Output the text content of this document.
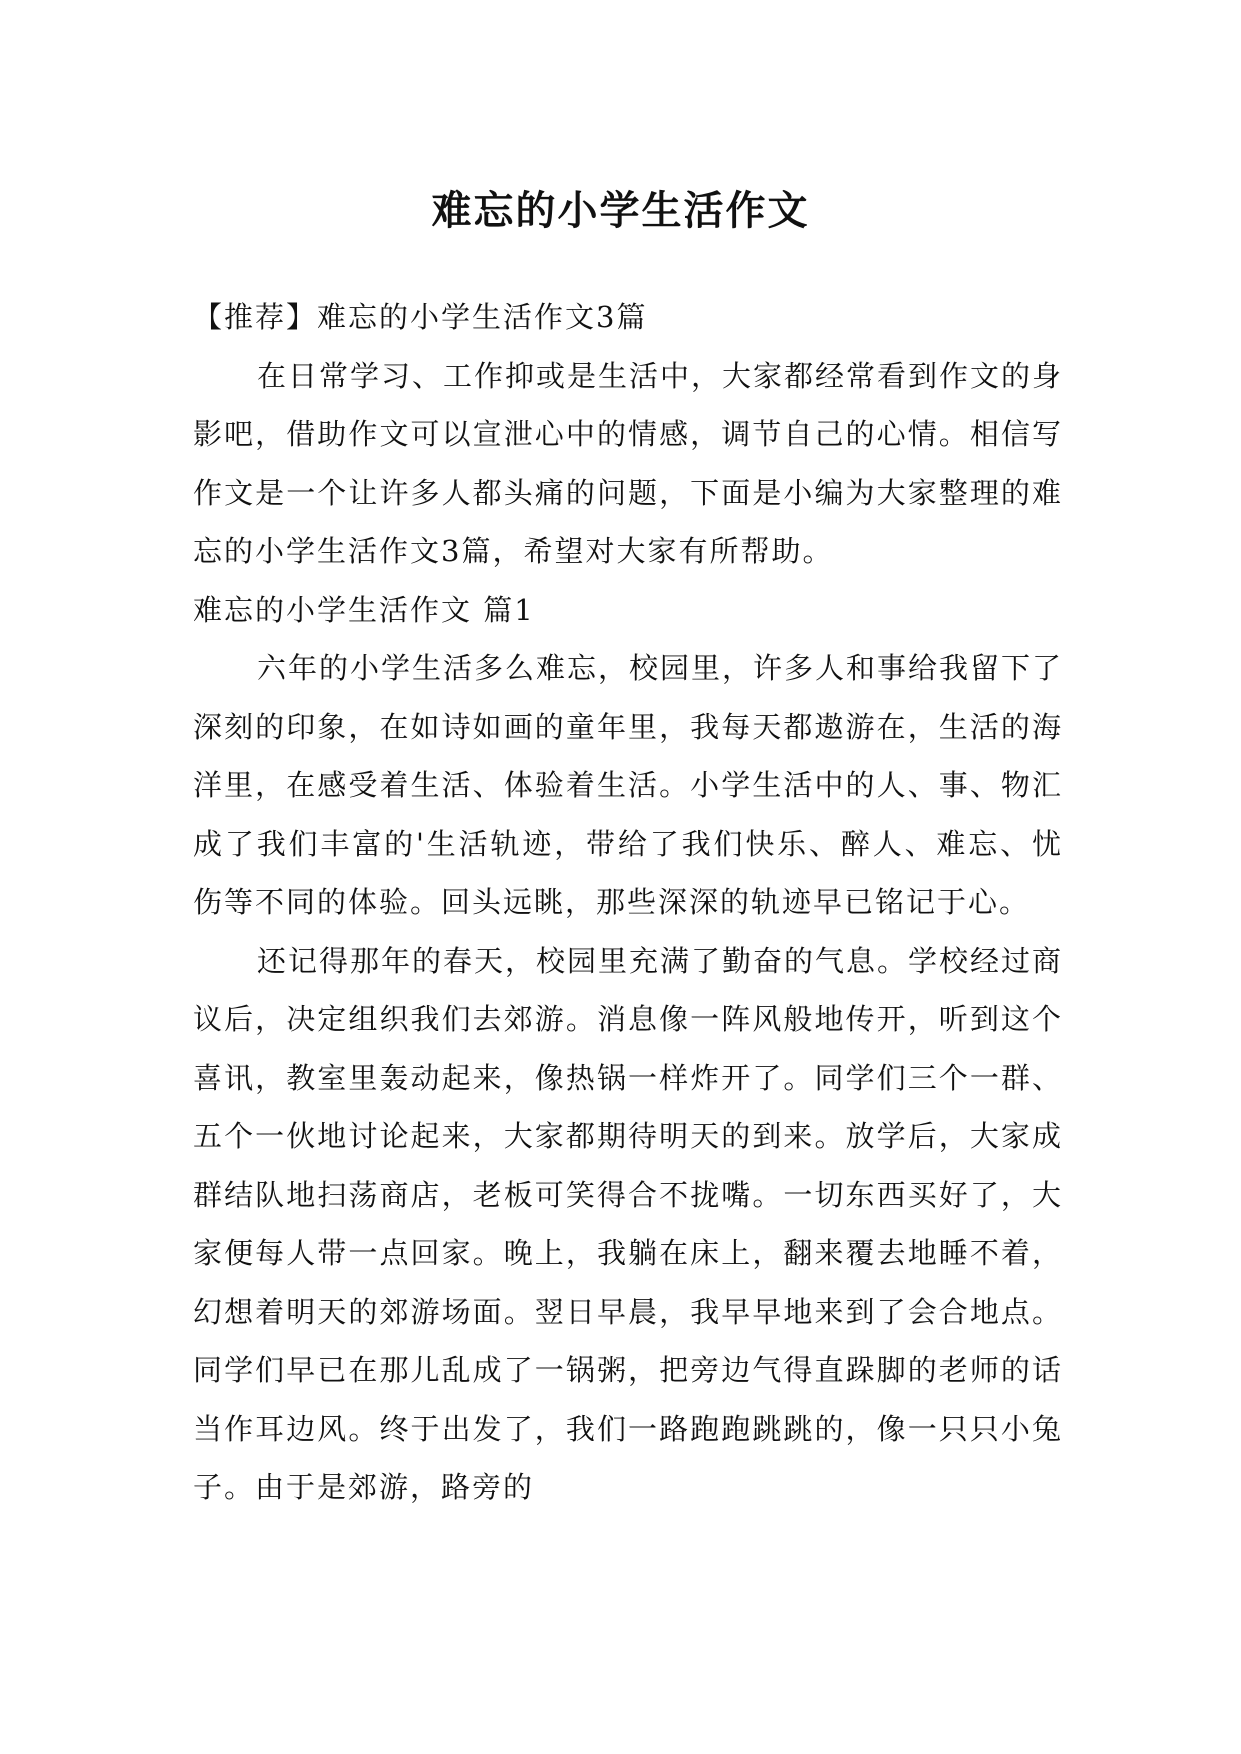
难忘的小学生活作文

【推荐】难忘的小学生活作文3篇

在日常学习、工作抑或是生活中，大家都经常看到作文的身影吧，借助作文可以宣泄心中的情感，调节自己的心情。相信写作文是一个让许多人都头痛的问题，下面是小编为大家整理的难忘的小学生活作文3篇，希望对大家有所帮助。

难忘的小学生活作文 篇1

六年的小学生活多么难忘，校园里，许多人和事给我留下了深刻的印象，在如诗如画的童年里，我每天都遨游在，生活的海洋里，在感受着生活、体验着生活。小学生活中的人、事、物汇成了我们丰富的'生活轨迹，带给了我们快乐、醉人、难忘、忧伤等不同的体验。回头远眺，那些深深的轨迹早已铭记于心。

还记得那年的春天，校园里充满了勤奋的气息。学校经过商议后，决定组织我们去郊游。消息像一阵风般地传开，听到这个喜讯，教室里轰动起来，像热锅一样炸开了。同学们三个一群、五个一伙地讨论起来，大家都期待明天的到来。放学后，大家成群结队地扫荡商店，老板可笑得合不拢嘴。一切东西买好了，大家便每人带一点回家。晚上，我躺在床上，翻来覆去地睡不着，幻想着明天的郊游场面。翌日早晨，我早早地来到了会合地点。同学们早已在那儿乱成了一锅粥，把旁边气得直跺脚的老师的话当作耳边风。终于出发了，我们一路跑跑跳跳的，像一只只小兔子。由于是郊游，路旁的
